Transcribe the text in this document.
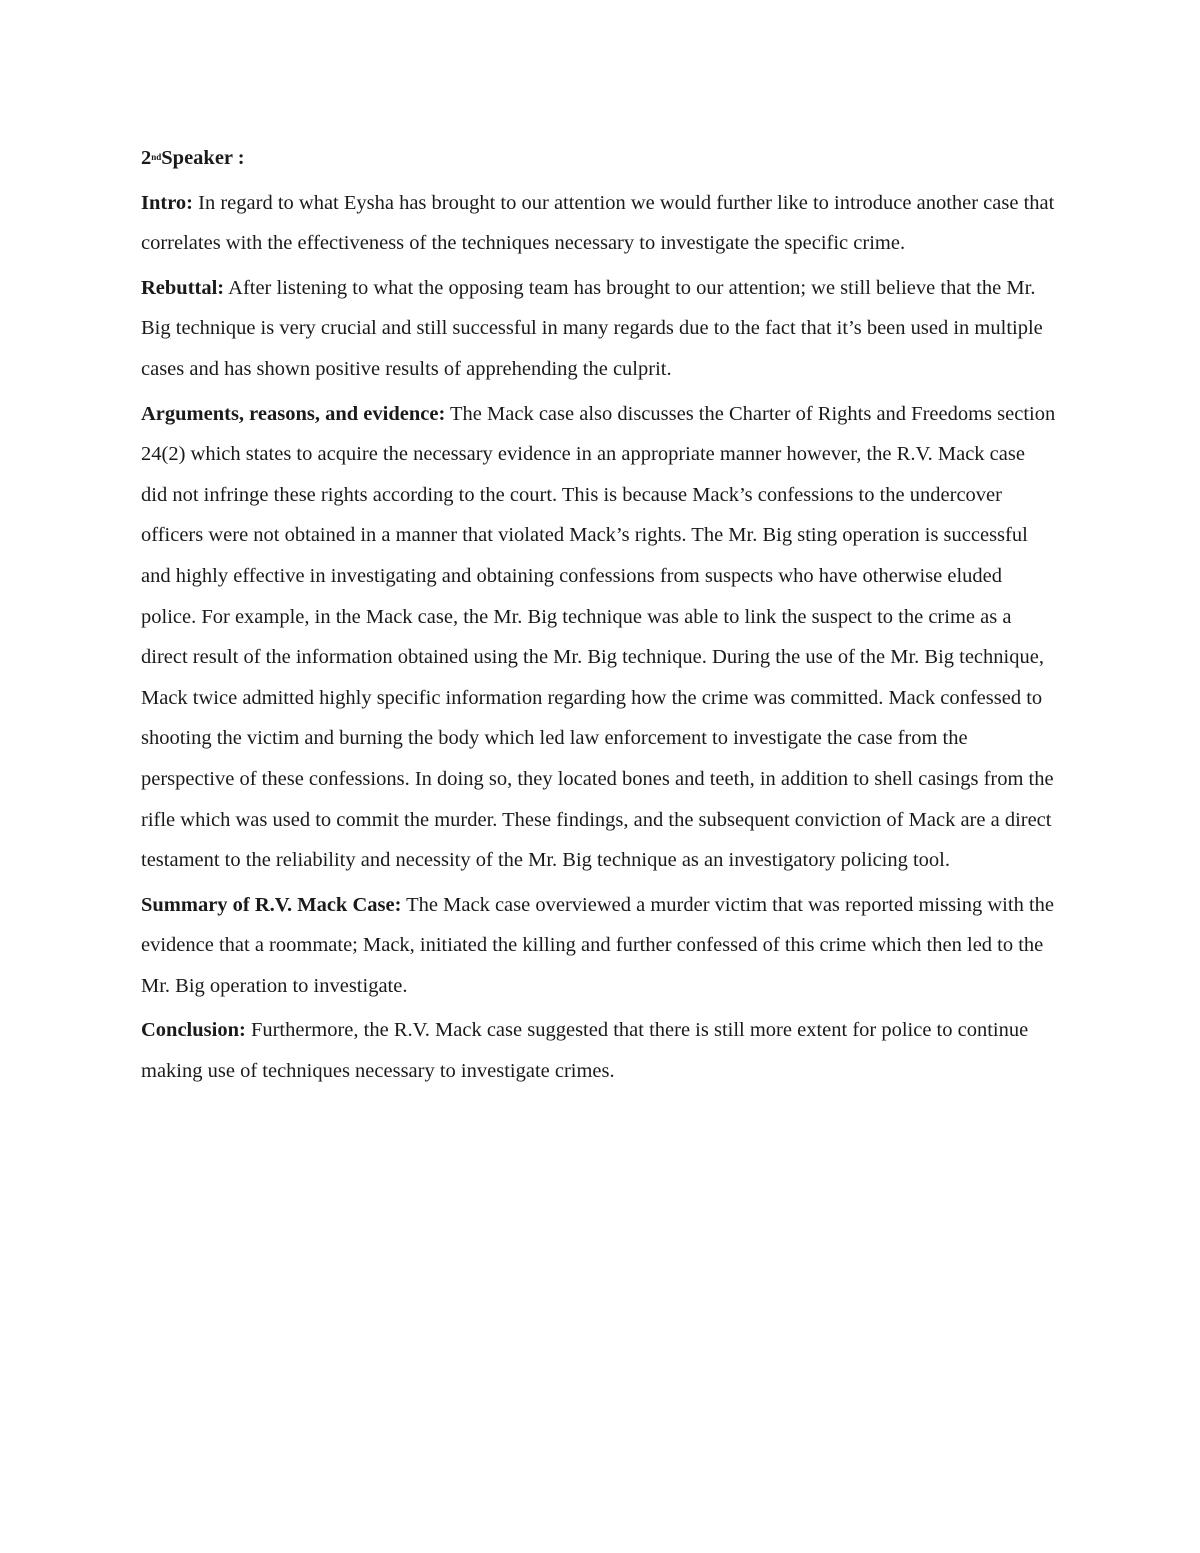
2ndSpeaker :

Intro: In regard to what Eysha has brought to our attention we would further like to introduce another case that correlates with the effectiveness of the techniques necessary to investigate the specific crime.

Rebuttal: After listening to what the opposing team has brought to our attention; we still believe that the Mr. Big technique is very crucial and still successful in many regards due to the fact that it’s been used in multiple cases and has shown positive results of apprehending the culprit.

Arguments, reasons, and evidence: The Mack case also discusses the Charter of Rights and Freedoms section 24(2) which states to acquire the necessary evidence in an appropriate manner however, the R.V. Mack case did not infringe these rights according to the court. This is because Mack’s confessions to the undercover officers were not obtained in a manner that violated Mack’s rights. The Mr. Big sting operation is successful and highly effective in investigating and obtaining confessions from suspects who have otherwise eluded police. For example, in the Mack case, the Mr. Big technique was able to link the suspect to the crime as a direct result of the information obtained using the Mr. Big technique. During the use of the Mr. Big technique, Mack twice admitted highly specific information regarding how the crime was committed. Mack confessed to shooting the victim and burning the body which led law enforcement to investigate the case from the perspective of these confessions. In doing so, they located bones and teeth, in addition to shell casings from the rifle which was used to commit the murder. These findings, and the subsequent conviction of Mack are a direct testament to the reliability and necessity of the Mr. Big technique as an investigatory policing tool.

Summary of R.V. Mack Case: The Mack case overviewed a murder victim that was reported missing with the evidence that a roommate; Mack, initiated the killing and further confessed of this crime which then led to the Mr. Big operation to investigate.

Conclusion: Furthermore, the R.V. Mack case suggested that there is still more extent for police to continue making use of techniques necessary to investigate crimes.
